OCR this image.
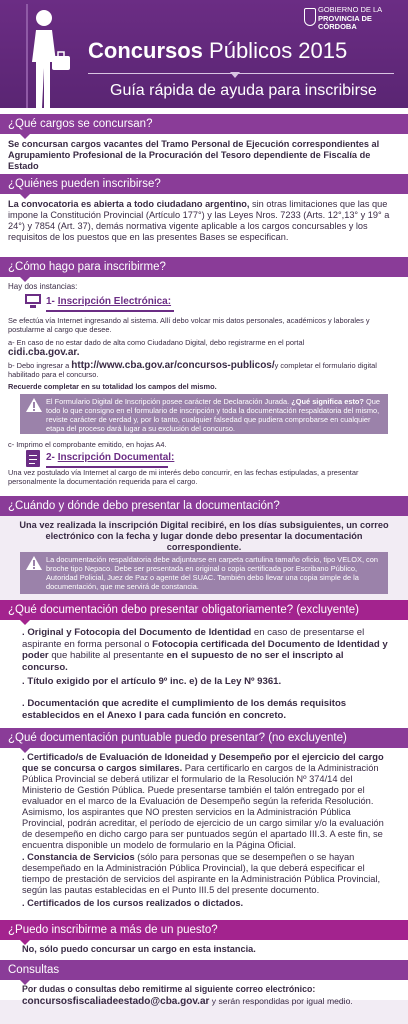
GOBIERNO DE LA
PROVINCIA DE
CÓRDOBA
Concursos Públicos 2015
Guía rápida de ayuda para inscribirse
¿Qué cargos se concursan?
Se concursan cargos vacantes del Tramo Personal de Ejecución correspondientes al Agrupamiento Profesional de la Procuración del Tesoro dependiente de Fiscalía de Estado
¿Quiénes pueden inscribirse?
La convocatoria es abierta a todo ciudadano argentino, sin otras limitaciones que las que impone la Constitución Provincial (Artículo 177°) y las Leyes Nros. 7233 (Arts. 12°,13° y 19° a 24°) y 7854 (Art. 37), demás normativa vigente aplicable a los cargos concursables y los requisitos de los puestos que en las presentes Bases se especifican.
¿Cómo hago para inscribirme?
Hay dos instancias:
1- Inscripción Electrónica:
Se efectúa vía Internet ingresando al sistema. Allí debo volcar mis datos personales, académicos y laborales y postularme al cargo que desee.
a- En caso de no estar dado de alta como Ciudadano Digital, debo registrarme en el portal
cidi.cba.gov.ar.
b- Debo ingresar a http://www.cba.gov.ar/concursos-publicos/y completar el formulario digital habilitado para el concurso.
Recuerde completar en su totalidad los campos del mismo.
El Formulario Digital de Inscripción posee carácter de Declaración Jurada. ¿Qué significa esto? Que todo lo que consigno en el formulario de inscripción y toda la documentación respaldatoria del mismo, reviste carácter de verdad y, por lo tanto, cualquier falsedad que pudiera comprobarse en cualquier etapa del proceso dará lugar a su exclusión del concurso.
c- Imprimo el comprobante emitido, en hojas A4.
2- Inscripción Documental:
Una vez postulado vía Internet al cargo de mi interés debo concurrir, en las fechas estipuladas, a presentar personalmente la documentación requerida para el cargo.
¿Cuándo y dónde debo presentar la documentación?
Una vez realizada la inscripción Digital recibiré, en los días subsiguientes, un correo electrónico con la fecha y lugar donde debo presentar la documentación correspondiente.
La documentación respaldatoria debe adjuntarse en carpeta cartulina tamaño oficio, tipo VELOX, con broche tipo Nepaco. Debe ser presentada en original o copia certificada por Escribano Público, Autoridad Policial, Juez de Paz o agente del SUAC. También debo llevar una copia simple de la documentación, que me servirá de constancia.
¿Qué documentación debo presentar obligatoriamente? (excluyente)
. Original y Fotocopia del Documento de Identidad en caso de presentarse el aspirante en forma personal o Fotocopia certificada del Documento de Identidad y poder que habilite al presentante en el supuesto de no ser el inscripto al concurso.
. Título exigido por el artículo 9º inc. e) de la Ley Nº 9361.
. Documentación que acredite el cumplimiento de los demás requisitos establecidos en el Anexo I para cada función en concreto.
¿Qué documentación puntuable puedo presentar? (no excluyente)
. Certificado/s de Evaluación de Idoneidad y Desempeño por el ejercicio del cargo que se concursa o cargos similares. Para certificarlo en cargos de la Administración Pública Provincial se deberá utilizar el formulario de la Resolución Nº 374/14 del Ministerio de Gestión Pública. Puede presentarse también el talón entregado por el evaluador en el marco de la Evaluación de Desempeño según la referida Resolución. Asimismo, los aspirantes que NO presten servicios en la Administración Pública Provincial, podrán acreditar, el período de ejercicio de un cargo similar y/o la evaluación de desempeño en dicho cargo para ser puntuados según el apartado III.3. A este fin, se encuentra disponible un modelo de formulario en la Página Oficial.
. Constancia de Servicios (sólo para personas que se desempeñen o se hayan desempeñado en la Administración Pública Provincial), la que deberá especificar el tiempo de prestación de servicios del aspirante en la Administración Pública Provincial, según las pautas establecidas en el Punto III.5 del presente documento.
. Certificados de los cursos realizados o dictados.
¿Puedo inscribirme a más de un puesto?
No, sólo puedo concursar un cargo en esta instancia.
Consultas
Por dudas o consultas debo remitirme al siguiente correo electrónico:
concursosfiscaliadeestado@cba.gov.ar y serán respondidas por igual medio.
